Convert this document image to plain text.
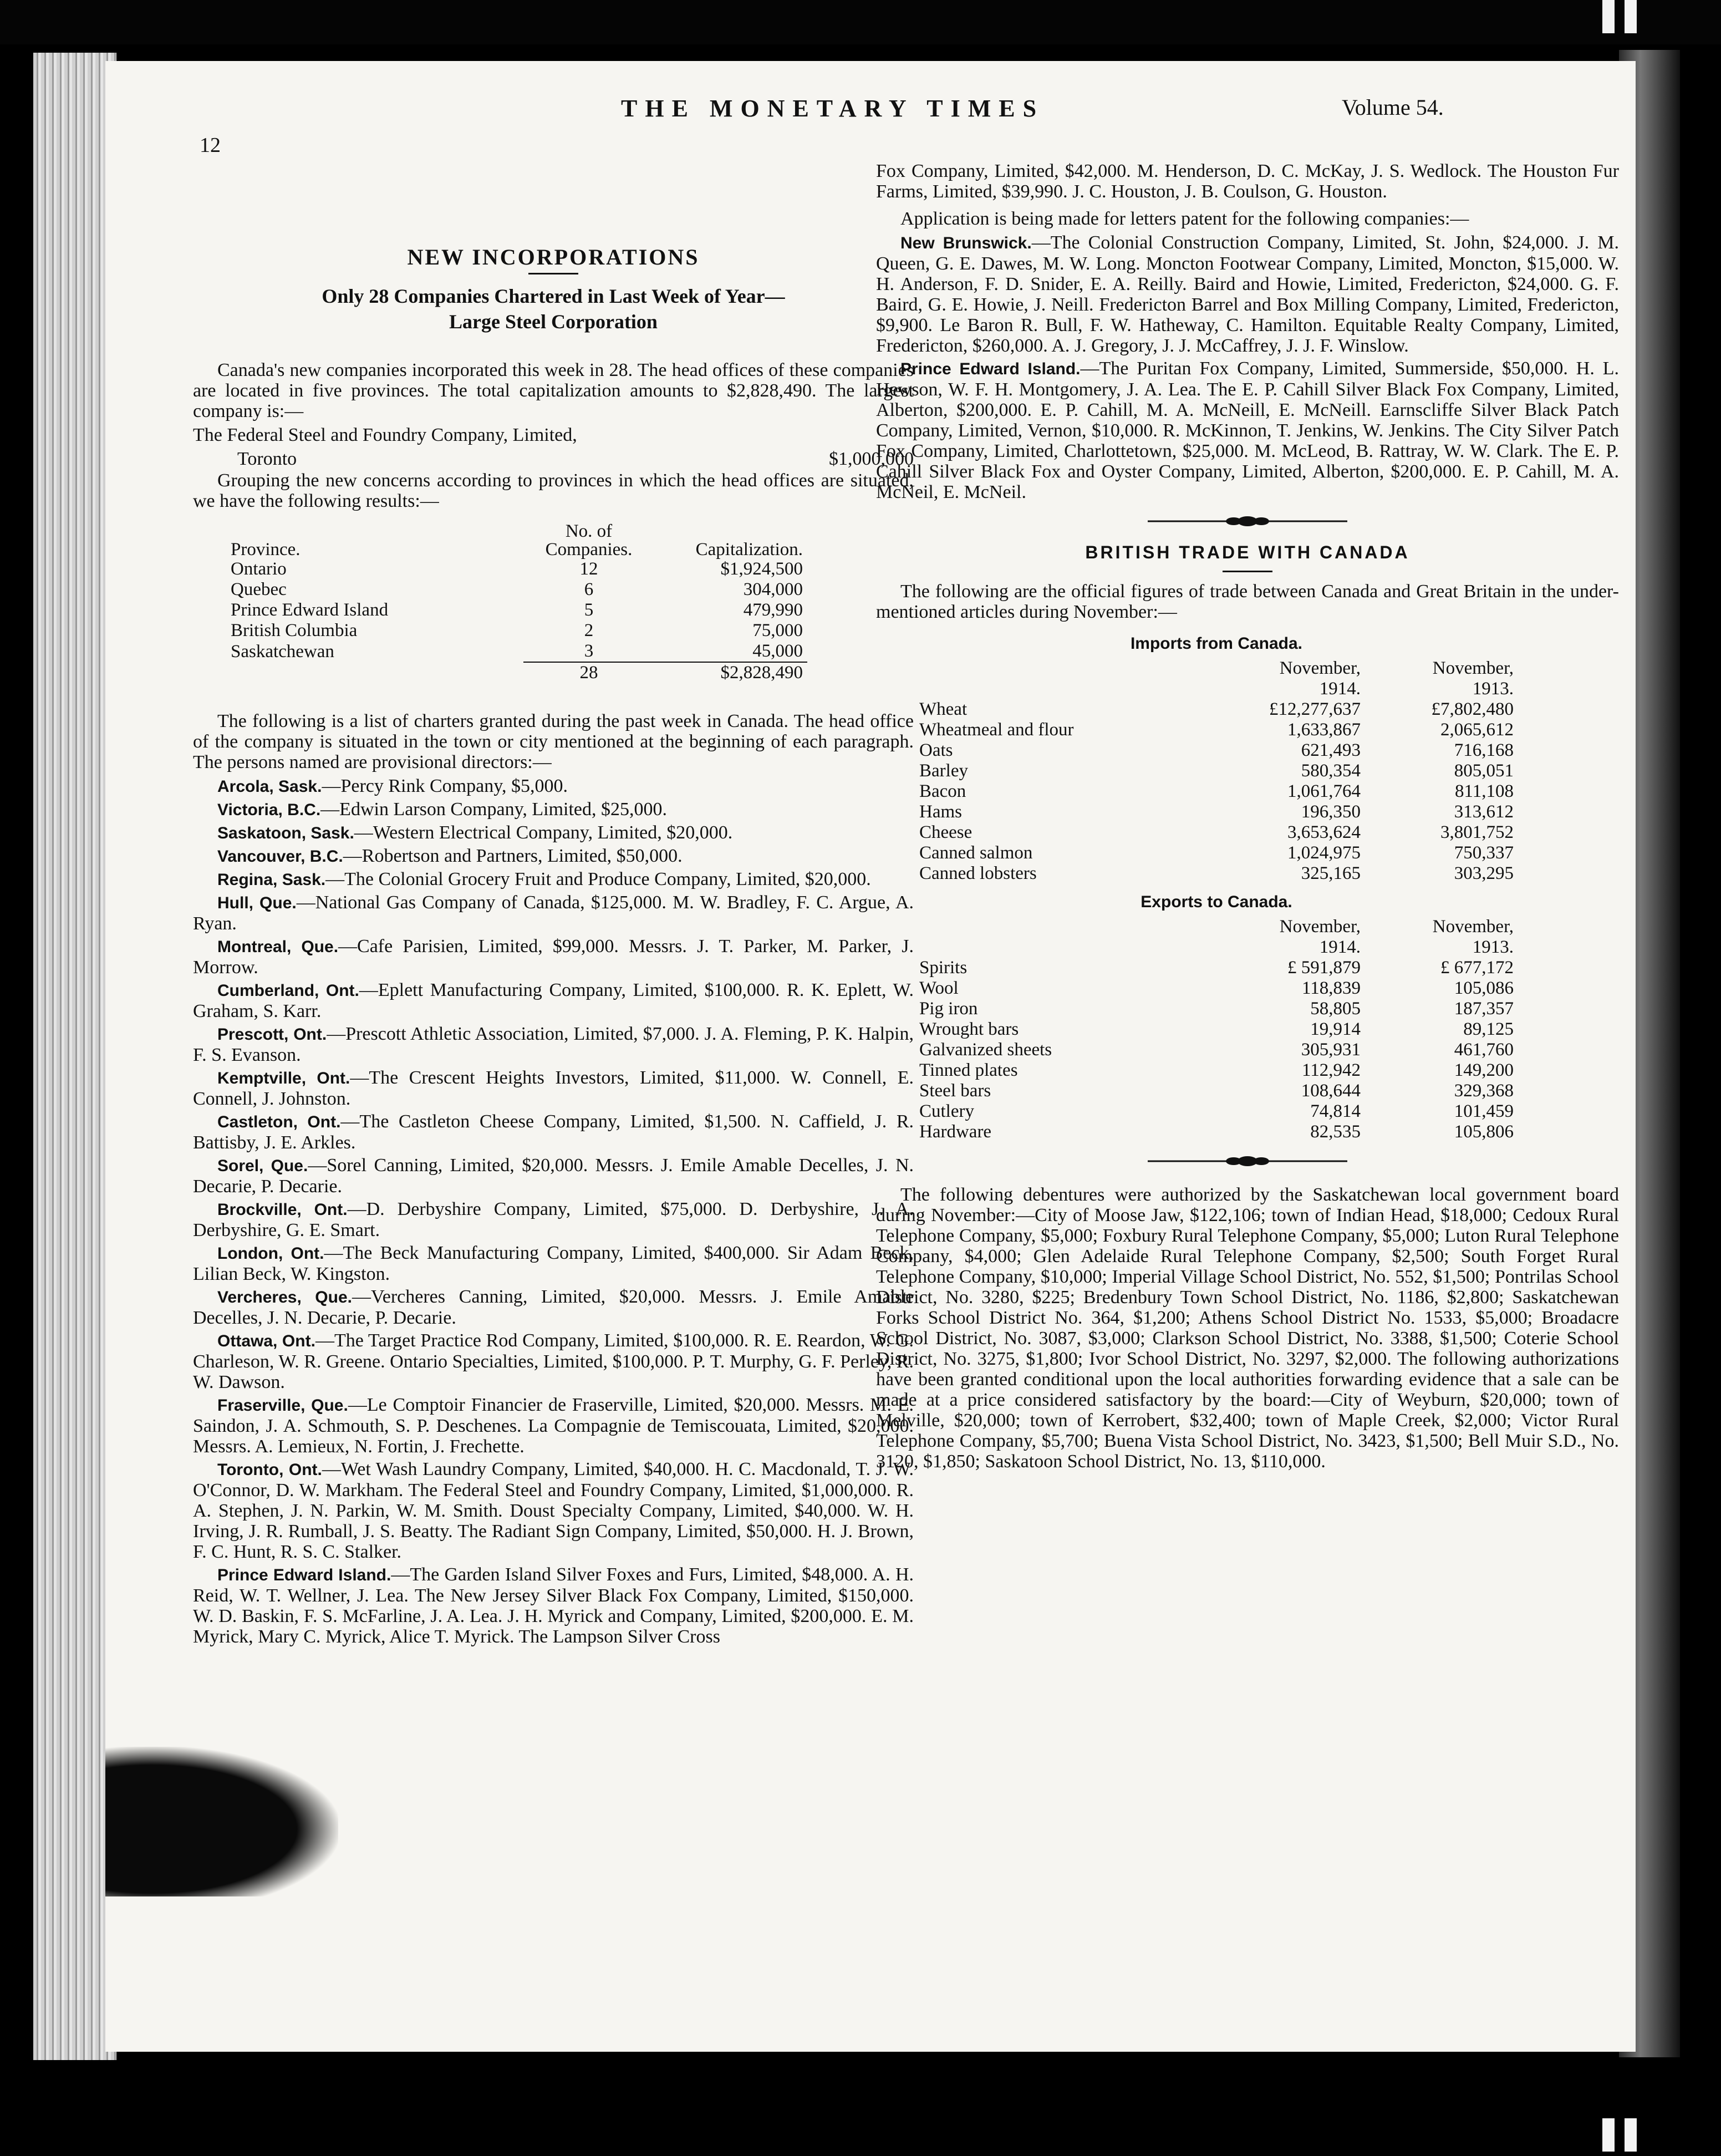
THE MONETARY TIMES	Volume 54.
12
NEW INCORPORATIONS
Only 28 Companies Chartered in Last Week of Year—
Large Steel Corporation

Canada's new companies incorporated this week in 28. The head offices of these companies are located in five provinces. The total capitalization amounts to $2,828,490. The largest company is:—

The Federal Steel and Foundry Company, Limited,

Toronto	$1,000,000

Grouping the new concerns according to provinces in which the head offices are situated, we have the following results:—

Province.	No. of Companies.	Capitalization.
Ontario	12	$1,924,500
Quebec	6	304,000
Prince Edward Island	5	479,990
British Columbia	2	75,000
Saskatchewan	3	45,000
	28	$2,828,490

The following is a list of charters granted during the past week in Canada. The head office of the company is situated in the town or city mentioned at the beginning of each paragraph. The persons named are provisional directors:—

Arcola, Sask.—Percy Rink Company, $5,000.

Victoria, B.C.—Edwin Larson Company, Limited, $25,000.

Saskatoon, Sask.—Western Electrical Company, Limited, $20,000.

Vancouver, B.C.—Robertson and Partners, Limited, $50,000.

Regina, Sask.—The Colonial Grocery Fruit and Produce Company, Limited, $20,000.

Hull, Que.—National Gas Company of Canada, $125,000. M. W. Bradley, F. C. Argue, A. Ryan.

Montreal, Que.—Cafe Parisien, Limited, $99,000. Messrs. J. T. Parker, M. Parker, J. Morrow.

Cumberland, Ont.—Eplett Manufacturing Company, Limited, $100,000. R. K. Eplett, W. Graham, S. Karr.

Prescott, Ont.—Prescott Athletic Association, Limited, $7,000. J. A. Fleming, P. K. Halpin, F. S. Evanson.

Kemptville, Ont.—The Crescent Heights Investors, Limited, $11,000. W. Connell, E. Connell, J. Johnston.

Castleton, Ont.—The Castleton Cheese Company, Limited, $1,500. N. Caffield, J. R. Battisby, J. E. Arkles.

Sorel, Que.—Sorel Canning, Limited, $20,000. Messrs. J. Emile Amable Decelles, J. N. Decarie, P. Decarie.

Brockville, Ont.—D. Derbyshire Company, Limited, $75,000. D. Derbyshire, J. A. Derbyshire, G. E. Smart.

London, Ont.—The Beck Manufacturing Company, Limited, $400,000. Sir Adam Beck, Lilian Beck, W. Kingston.

Vercheres, Que.—Vercheres Canning, Limited, $20,000. Messrs. J. Emile Amable Decelles, J. N. Decarie, P. Decarie.

Ottawa, Ont.—The Target Practice Rod Company, Limited, $100,000. R. E. Reardon, W. G. Charleson, W. R. Greene. Ontario Specialties, Limited, $100,000. P. T. Murphy, G. F. Perley, R. W. Dawson.

Fraserville, Que.—Le Comptoir Financier de Fraserville, Limited, $20,000. Messrs. M. E. Saindon, J. A. Schmouth, S. P. Deschenes. La Compagnie de Temiscouata, Limited, $20,000. Messrs. A. Lemieux, N. Fortin, J. Frechette.

Toronto, Ont.—Wet Wash Laundry Company, Limited, $40,000. H. C. Macdonald, T. J. W. O'Connor, D. W. Markham. The Federal Steel and Foundry Company, Limited, $1,000,000. R. A. Stephen, J. N. Parkin, W. M. Smith. Doust Specialty Company, Limited, $40,000. W. H. Irving, J. R. Rumball, J. S. Beatty. The Radiant Sign Company, Limited, $50,000. H. J. Brown, F. C. Hunt, R. S. C. Stalker.

Prince Edward Island.—The Garden Island Silver Foxes and Furs, Limited, $48,000. A. H. Reid, W. T. Wellner, J. Lea. The New Jersey Silver Black Fox Company, Limited, $150,000. W. D. Baskin, F. S. McFarline, J. A. Lea. J. H. Myrick and Company, Limited, $200,000. E. M. Myrick, Mary C. Myrick, Alice T. Myrick. The Lampson Silver Cross

Fox Company, Limited, $42,000. M. Henderson, D. C. McKay, J. S. Wedlock. The Houston Fur Farms, Limited, $39,990. J. C. Houston, J. B. Coulson, G. Houston.

Application is being made for letters patent for the following companies:—

New Brunswick.—The Colonial Construction Company, Limited, St. John, $24,000. J. M. Queen, G. E. Dawes, M. W. Long. Moncton Footwear Company, Limited, Moncton, $15,000. W. H. Anderson, F. D. Snider, E. A. Reilly. Baird and Howie, Limited, Fredericton, $24,000. G. F. Baird, G. E. Howie, J. Neill. Fredericton Barrel and Box Milling Company, Limited, Fredericton, $9,900. Le Baron R. Bull, F. W. Hatheway, C. Hamilton. Equitable Realty Company, Limited, Fredericton, $260,000. A. J. Gregory, J. J. McCaffrey, J. J. F. Winslow.

Prince Edward Island.—The Puritan Fox Company, Limited, Summerside, $50,000. H. L. Hewson, W. F. H. Montgomery, J. A. Lea. The E. P. Cahill Silver Black Fox Company, Limited, Alberton, $200,000. E. P. Cahill, M. A. McNeill, E. McNeill. Earnscliffe Silver Black Patch Company, Limited, Vernon, $10,000. R. McKinnon, T. Jenkins, W. Jenkins. The City Silver Patch Fox Company, Limited, Charlottetown, $25,000. M. McLeod, B. Rattray, W. W. Clark. The E. P. Cahill Silver Black Fox and Oyster Company, Limited, Alberton, $200,000. E. P. Cahill, M. A. McNeil, E. McNeil.

BRITISH TRADE WITH CANADA

The following are the official figures of trade between Canada and Great Britain in the under-mentioned articles during November:—

Imports from Canada.		
	November,	November,
	1914.	1913.
Wheat	£12,277,637	£7,802,480
Wheatmeal and flour	1,633,867	2,065,612
Oats	621,493	716,168
Barley	580,354	805,051
Bacon	1,061,764	811,108
Hams	196,350	313,612
Cheese	3,653,624	3,801,752
Canned salmon	1,024,975	750,337
Canned lobsters	325,165	303,295
Exports to Canada.		
	November,	November,
	1914.	1913.
Spirits	£ 591,879	£ 677,172
Wool	118,839	105,086
Pig iron	58,805	187,357
Wrought bars	19,914	89,125
Galvanized sheets	305,931	461,760
Tinned plates	112,942	149,200
Steel bars	108,644	329,368
Cutlery	74,814	101,459
Hardware	82,535	105,806

The following debentures were authorized by the Saskatchewan local government board during November:—City of Moose Jaw, $122,106; town of Indian Head, $18,000; Cedoux Rural Telephone Company, $5,000; Foxbury Rural Telephone Company, $5,000; Luton Rural Telephone Company, $4,000; Glen Adelaide Rural Telephone Company, $2,500; South Forget Rural Telephone Company, $10,000; Imperial Village School District, No. 552, $1,500; Pontrilas School District, No. 3280, $225; Bredenbury Town School District, No. 1186, $2,800; Saskatchewan Forks School District No. 364, $1,200; Athens School District No. 1533, $5,000; Broadacre School District, No. 3087, $3,000; Clarkson School District, No. 3388, $1,500; Coterie School District, No. 3275, $1,800; Ivor School District, No. 3297, $2,000. The following authorizations have been granted conditional upon the local authorities forwarding evidence that a sale can be made at a price considered satisfactory by the board:—City of Weyburn, $20,000; town of Melville, $20,000; town of Kerrobert, $32,400; town of Maple Creek, $2,000; Victor Rural Telephone Company, $5,700; Buena Vista School District, No. 3423, $1,500; Bell Muir S.D., No. 3120, $1,850; Saskatoon School District, No. 13, $110,000.
